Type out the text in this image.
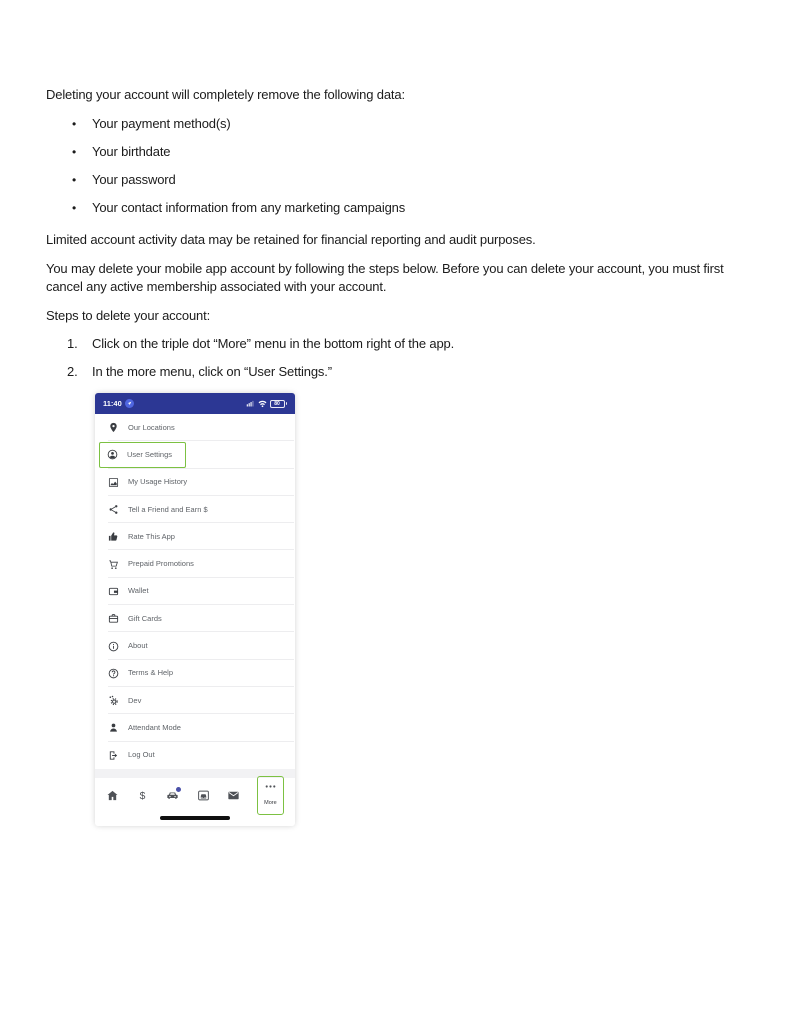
Deleting your account will completely remove the following data:

• Your payment method(s)
• Your birthdate
• Your password
• Your contact information from any marketing campaigns

Limited account activity data may be retained for financial reporting and audit purposes.

You may delete your mobile app account by following the steps below. Before you can delete your account, you must first cancel any active membership associated with your account.

Steps to delete your account:

1. Click on the triple dot “More” menu in the bottom right of the app.
2. In the more menu, click on “User Settings.”
11:40	80
Our Locations
User Settings
My Usage History
Tell a Friend and Earn $
Rate This App
Prepaid Promotions
Wallet
Gift Cards
About
Terms & Help
Dev
Attendant Mode
Log Out
$
More
